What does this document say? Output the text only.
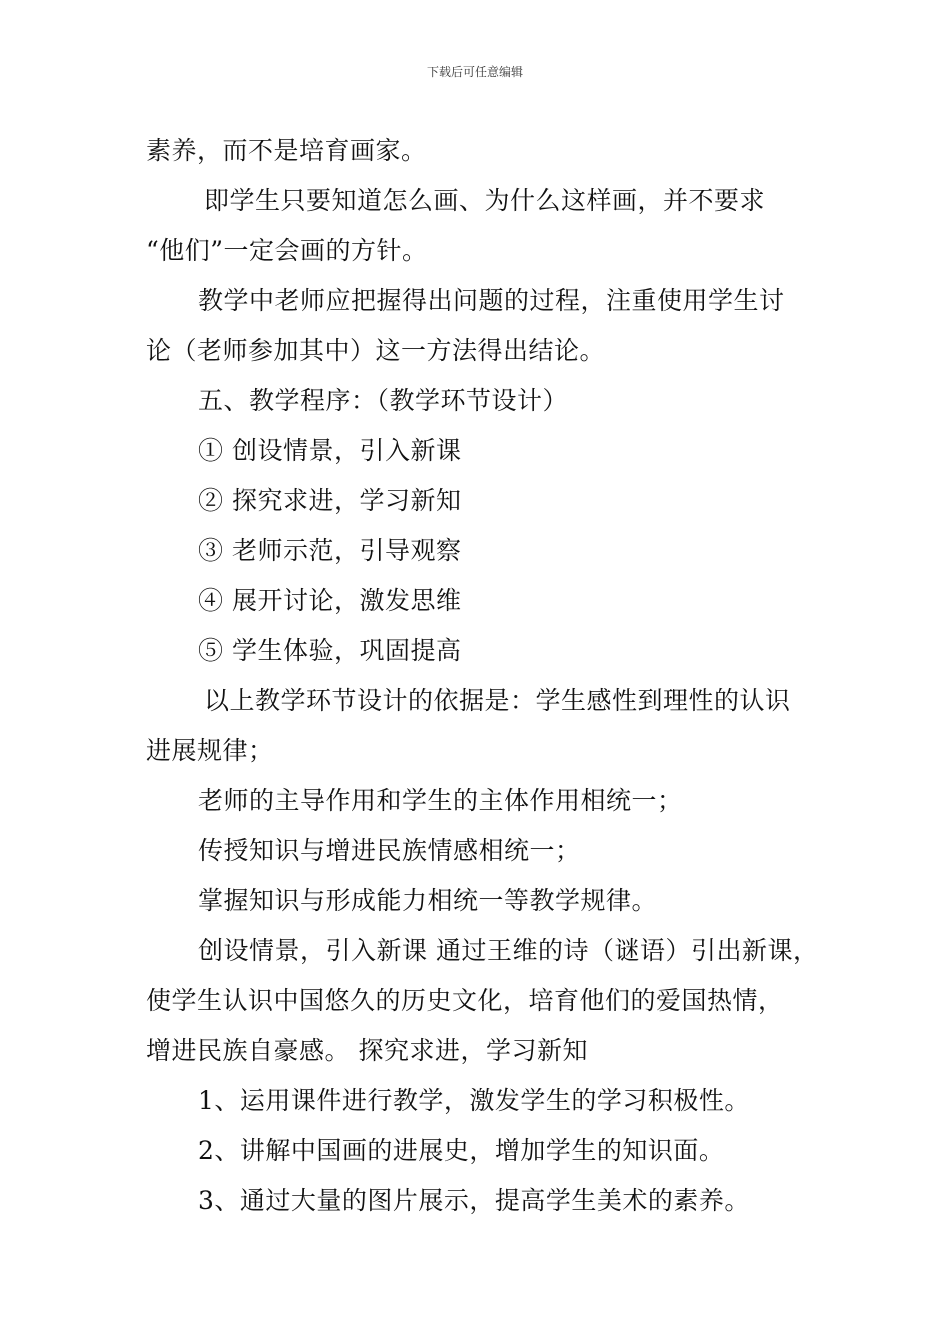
下载后可任意编辑

素养，而不是培育画家。

即学生只要知道怎么画、为什么这样画，并不要求

“他们”一定会画的方针。

教学中老师应把握得出问题的过程，注重使用学生讨

论（老师参加其中）这一方法得出结论。

五、教学程序：（教学环节设计）

① 创设情景，引入新课

② 探究求进，学习新知

③ 老师示范，引导观察

④ 展开讨论，激发思维

⑤ 学生体验，巩固提高

以上教学环节设计的依据是：学生感性到理性的认识

进展规律；

老师的主导作用和学生的主体作用相统一；

传授知识与增进民族情感相统一；

掌握知识与形成能力相统一等教学规律。

创设情景，引入新课 通过王维的诗（谜语）引出新课，

使学生认识中国悠久的历史文化，培育他们的爱国热情，

增进民族自豪感。 探究求进，学习新知

1、运用课件进行教学，激发学生的学习积极性。

2、讲解中国画的进展史，增加学生的知识面。

3、通过大量的图片展示，提高学生美术的素养。
